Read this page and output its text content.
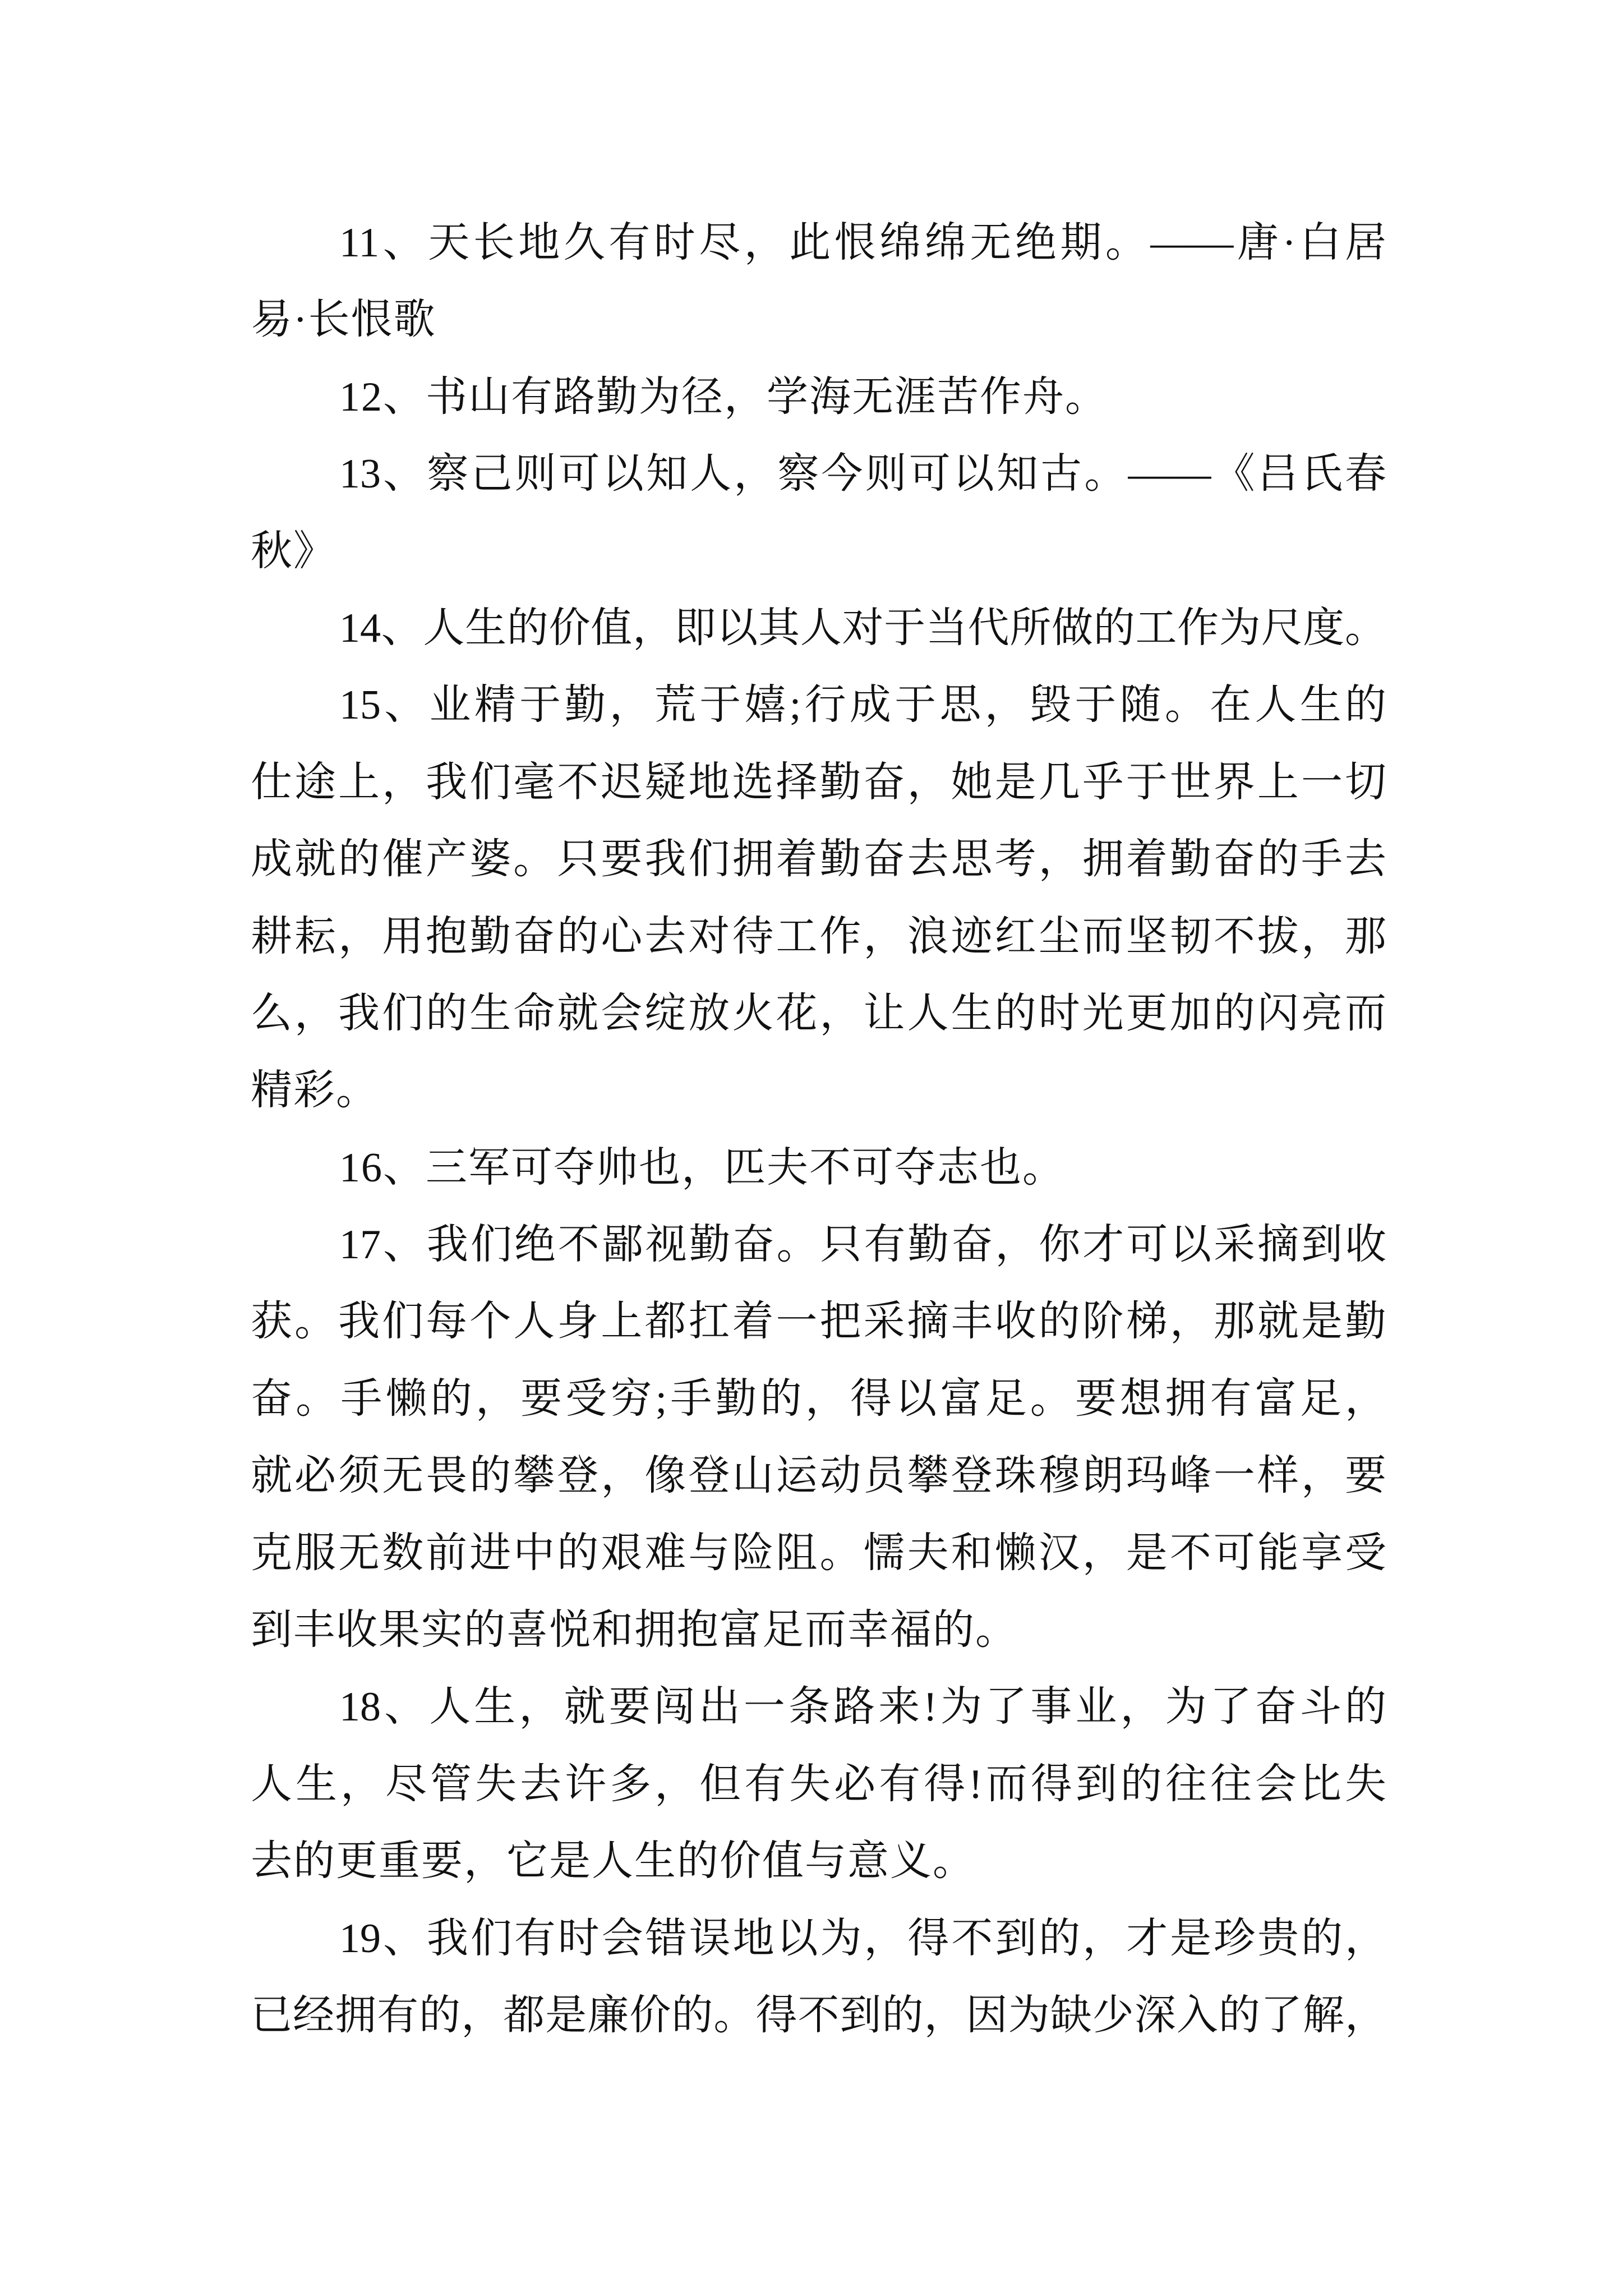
11、天长地久有时尽，此恨绵绵无绝期。——唐·白居
易·长恨歌
12、书山有路勤为径，学海无涯苦作舟。
13、察己则可以知人，察今则可以知古。——《吕氏春
秋》
14、人生的价值，即以其人对于当代所做的工作为尺度。
15、业精于勤，荒于嬉;行成于思，毁于随。在人生的
仕途上，我们毫不迟疑地选择勤奋，她是几乎于世界上一切
成就的催产婆。只要我们拥着勤奋去思考，拥着勤奋的手去
耕耘，用抱勤奋的心去对待工作，浪迹红尘而坚韧不拔，那
么，我们的生命就会绽放火花，让人生的时光更加的闪亮而
精彩。
16、三军可夺帅也，匹夫不可夺志也。
17、我们绝不鄙视勤奋。只有勤奋，你才可以采摘到收
获。我们每个人身上都扛着一把采摘丰收的阶梯，那就是勤
奋。手懒的，要受穷;手勤的，得以富足。要想拥有富足，
就必须无畏的攀登，像登山运动员攀登珠穆朗玛峰一样，要
克服无数前进中的艰难与险阻。懦夫和懒汉，是不可能享受
到丰收果实的喜悦和拥抱富足而幸福的。
18、人生，就要闯出一条路来!为了事业，为了奋斗的
人生，尽管失去许多，但有失必有得!而得到的往往会比失
去的更重要，它是人生的价值与意义。
19、我们有时会错误地以为，得不到的，才是珍贵的，
已经拥有的，都是廉价的。得不到的，因为缺少深入的了解，
